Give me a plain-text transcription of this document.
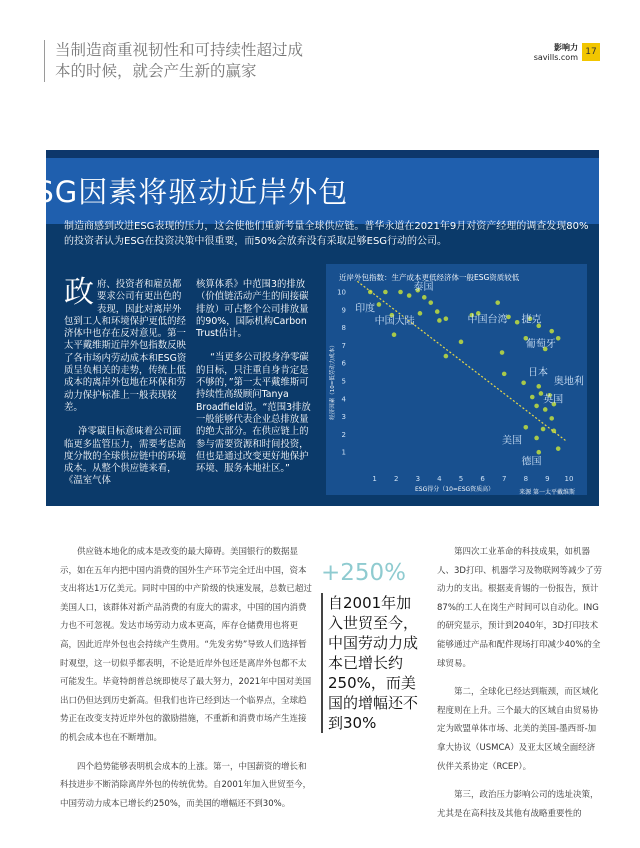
当制造商重视韧性和可持续性超过成本的时候，就会产生新的赢家
影响力
savills.com
17
ESG因素将驱动近岸外包
制造商感到改进ESG表现的压力，这会使他们重新考量全球供应链。普华永道在2021年9月对资产经理的调查发现80%的投资者认为ESG在投资决策中很重要，而50%会放弃没有采取足够ESG行动的公司。

政府、投资者和雇员都要求公司有更出色的表现，因此对离岸外包到工人和环境保护更低的经济体中也存在反对意见。第一太平戴维斯近岸外包指数反映了各市场内劳动成本和ESG资质呈负相关的走势，传统上低成本的离岸外包地在环保和劳动力保护标准上一般表现较差。

净零碳目标意味着公司面临更多监管压力，需要考虑高度分散的全球供应链中的环境成本。从整个供应链来看，《温室气体

核算体系》中范围3的排放（价值链活动产生的间接碳排放）可占整个公司排放量的90%，国际机构Carbon Trust估计。

“当更多公司投身净零碳的目标，只注重自身肯定是不够的，”第一太平戴维斯可持续性高级顾问Tanya Broadfield说。“范围3排放一般能够代表企业总排放量的绝大部分。在供应链上的参与需要资源和时间投资，但也是通过改变更好地保护环境、服务本地社区。”

1
2
3
4
5
6
7
8
9
10
1 2 3 4 5 6 7 8 9 10
ESG得分（10=ESG资质高）
经济因素（10=低劳动力成本）
泰国
印度
中国大陆	中国台湾 捷克
葡萄牙
日本
奥地利
英国
美国
德国
近岸外包指数：生产成本更低经济体一般ESG资质较低
来源 第一太平戴维斯

供应链本地化的成本是改变的最大障碍。美国银行的数据显示，如在五年内把中国内消费的国外生产环节完全迁出中国，资本支出将达1万亿美元。同时中国的中产阶级的快速发展，总数已超过美国人口，该群体对新产品消费的有庞大的需求，中国的国内消费力也不可忽视。发达市场劳动力成本更高，库存仓储费用也将更高，因此近岸外包也会持续产生费用。“先发劣势”导致人们选择暂时观望，这一切似乎都表明，不论是近岸外包还是离岸外包都不太可能发生。毕竟特朗普总统即使尽了最大努力，2021年中国对美国出口仍但达到历史新高。但我们也许已经到达一个临界点，全球趋势正在改变支持近岸外包的激励措施，不重新和消费市场产生连接的机会成本也在不断增加。

四个趋势能够表明机会成本的上涨。第一，中国薪资的增长和科技进步不断消除离岸外包的传统优势。自2001年加入世贸至今，中国劳动力成本已增长约250%，而美国的增幅还不到30%。

+250%
自2001年加入世贸至今，中国劳动力成本已增长约250%，而美国的增幅还不到30%

第四次工业革命的科技成果，如机器人、3D打印、机器学习及物联网等减少了劳动力的支出。根据麦肯锡的一份报告，预计87%的工人在岗生产时间可以自动化。ING的研究显示，预计到2040年，3D打印技术能够通过产品和配件现场打印减少40%的全球贸易。

第二，全球化已经达到瓶颈，而区域化程度则在上升。三个最大的区域自由贸易协定为欧盟单体市场、北美的美国-墨西哥-加拿大协议（USMCA）及亚太区域全面经济伙伴关系协定（RCEP）。

第三，政治压力影响公司的选址决策，尤其是在高科技及其他有战略重要性的
